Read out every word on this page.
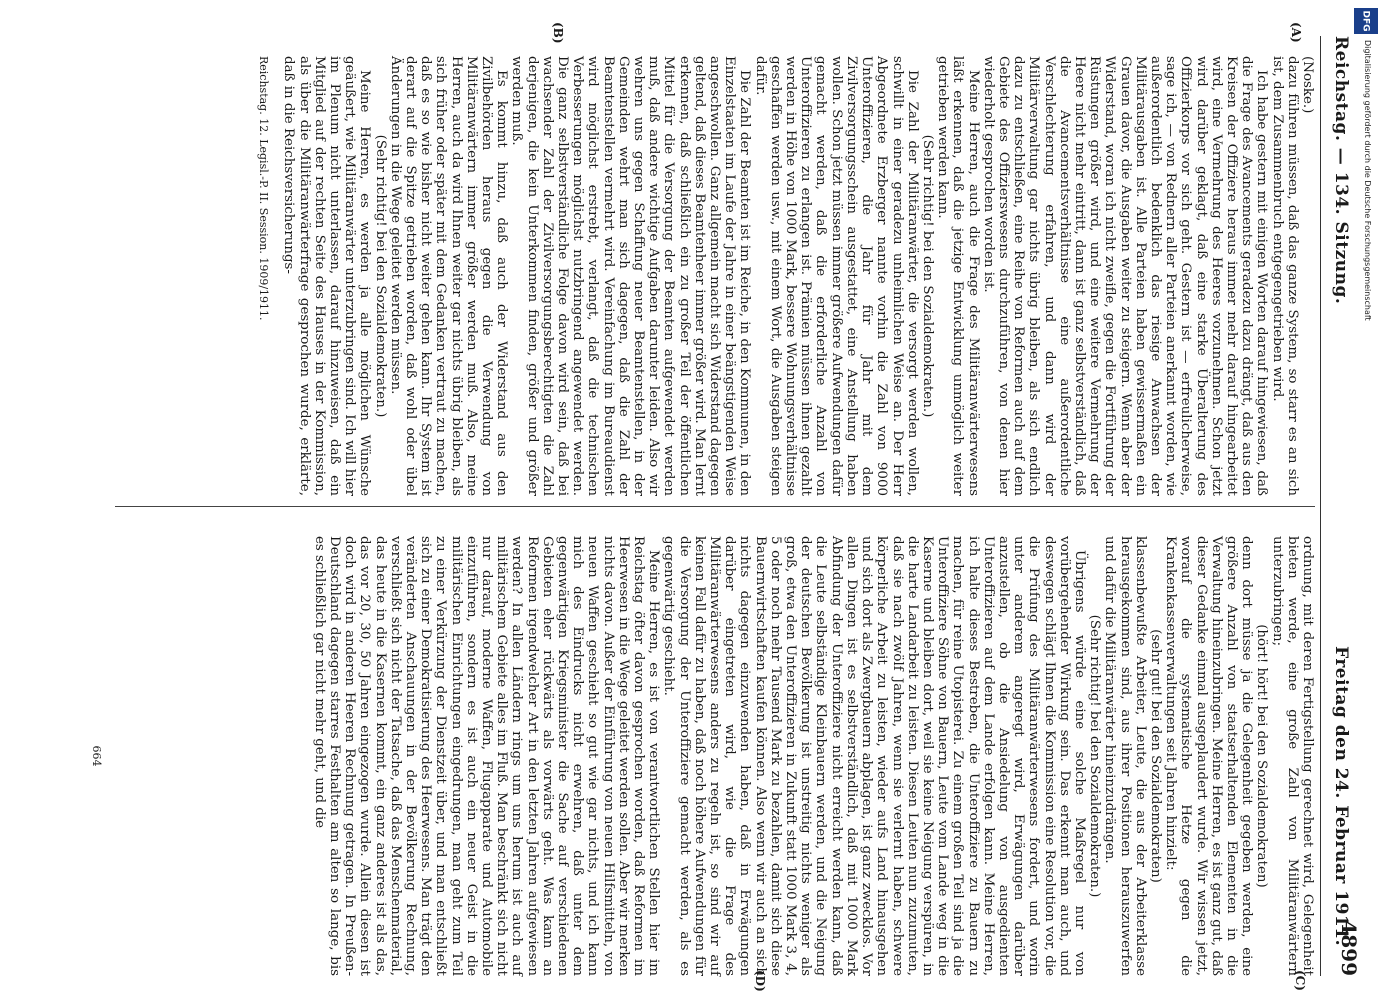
Reichstag. — 134. Sitzung.
Freitag den 24. Februar 1911.
4899
(A)
(B)
(C)
(D)

(Noske.)

dazu führen müssen, daß das ganze System, so starr es an sich ist, dem Zusammenbruch entgegengetrieben wird.

Ich habe gestern mit einigen Worten darauf hingewiesen, daß die Frage des Avancements geradezu dazu drängt, daß aus den Kreisen der Offiziere heraus immer mehr darauf hingearbeitet wird, eine Vermehrung des Heeres vorzunehmen. Schon jetzt wird darüber geklagt, daß eine starke Überalterung des Offizierkorps vor sich geht. Gestern ist — erfreulicherweise, sage ich, — von Rednern aller Parteien anerkannt worden, wie außerordentlich bedenklich das riesige Anwachsen der Militärausgaben ist. Alle Parteien haben gewissermaßen ein Grauen davor, die Ausgaben weiter zu steigern. Wenn aber der Widerstand, woran ich nicht zweifle, gegen die Fortführung der Rüstungen größer wird, und eine weitere Vermehrung der Heere nicht mehr eintritt, dann ist ganz selbstverständlich, daß die Avancementsverhältnisse eine außerordentliche Verschlechterung erfahren, und dann wird der Militärverwaltung gar nichts übrig bleiben, als sich endlich dazu zu entschließen, eine Reihe von Reformen auch auf dem Gebiete des Offizierswesens durchzuführen, von denen hier wiederholt gesprochen worden ist.

Meine Herren, auch die Frage des Militäranwärterwesens läßt erkennen, daß die jetzige Entwicklung unmöglich weiter getrieben werden kann.

(Sehr richtig! bei den Sozialdemokraten.)

Die Zahl der Militäranwärter, die versorgt werden wollen, schwillt in einer geradezu unheimlichen Weise an. Der Herr Abgeordnete Erzberger nannte vorhin die Zahl von 9000 Unteroffizieren, die Jahr für Jahr mit dem Zivilversorgungsschein ausgestattet, eine Anstellung haben wollen. Schon jetzt müssen immer größere Aufwendungen dafür gemacht werden, daß die erforderliche Anzahl von Unteroffizieren zu erlangen ist. Prämien müssen ihnen gezahlt werden in Höhe von 1000 Mark, bessere Wohnungsverhältnisse geschaffen werden usw., mit einem Wort, die Ausgaben steigen dafür.

Die Zahl der Beamten ist im Reiche, in den Kommunen, in den Einzelstaaten im Laufe der Jahre in einer beängstigenden Weise angeschwollen. Ganz allgemein macht sich Widerstand dagegen geltend, daß dieses Beamtenheer immer größer wird. Man lernt erkennen, daß schließlich ein zu großer Teil der öffentlichen Mittel für die Versorgung der Beamten aufgewendet werden muß, daß andere wichtige Aufgaben darunter leiden. Also wir wehren uns gegen Schaffung neuer Beamtenstellen, in der Gemeinden wehrt man sich dagegen, daß die Zahl der Beamtenstellen vermehrt wird. Vereinfachung im Bureaudienst wird möglichst erstrebt, verlangt, daß die technischen Verbesserungen möglichst nutzbringend angewendet werden. Die ganz selbstverständliche Folge davon wird sein, daß bei wachsender Zahl der Zivilversorgungsberechtigten die Zahl derjenigen, die kein Unterkommen finden, größer und größer werden muß.

Es kommt hinzu, daß auch der Widerstand aus den Zivilbehörden heraus gegen die Verwendung von Militäranwärtern immer größer werden muß. Also, meine Herren, auch da wird Ihnen weiter gar nichts übrig bleiben, als sich früher oder später mit dem Gedanken vertraut zu machen, daß es so wie bisher nicht weiter gehen kann. Ihr System ist derart auf die Spitze getrieben worden, daß wohl oder übel Änderungen in die Wege geleitet werden müssen.

(Sehr richtig! bei den Sozialdemokraten.)

Meine Herren, es werden ja alle möglichen Wünsche geäußert, wie Militäranwärter unterzubringen sind. Ich will hier im Plenum nicht unterlassen, darauf hinzuweisen, daß ein Mitglied auf der rechten Seite des Hauses in der Kommission, als über die Militäranwärterfrage gesprochen wurde, erklärte, daß in die Reichsversicherungs-

Reichstag. 12. Legisl.-P. II. Session. 1909/1911.

ordnung, mit deren Fertigstellung gerechnet wird, Gelegenheit bieten werde, eine große Zahl von Militäranwärtern unterzubringen;

(hört! hört! bei den Sozialdemokraten)

denn dort müsse ja die Gelegenheit gegeben werden, eine größere Anzahl von staatserhaltenden Elementen in die Verwaltung hineinzubringen. Meine Herren, es ist ganz gut, daß dieser Gedanke einmal ausgeplaudert wurde. Wir wissen jetzt, worauf die systematische Hetze gegen die Krankenkassenverwaltungen seit Jahren hinzielt:

(sehr gut! bei den Sozialdemokraten)

klassenbewußte Arbeiter, Leute, die aus der Arbeiterklasse herausgekommen sind, aus ihrer Positionen herauszuwerfen und dafür die Militäranwärter hineinzudrängen.

(Sehr richtig! bei den Sozialdemokraten.)

Übrigens würde eine solche Maßregel nur von vorübergehender Wirkung sein. Das erkennt man auch, und deswegen schlägt Ihnen die Kommission eine Resolution vor, die die Prüfung des Militäranwärterwesens fordert, und worin unter anderem angeregt wird, Erwägungen darüber anzustellen, ob die Ansiedelung von ausgedienten Unteroffizieren auf dem Lande erfolgen kann. Meine Herren, ich halte dieses Bestreben, die Unteroffiziere zu Bauern zu machen, für reine Utopisterei. Zu einem großen Teil sind ja die Unteroffiziere Söhne von Bauern, Leute vom Lande weg in die Kaserne und bleiben dort, weil sie keine Neigung verspüren, in die harte Landarbeit zu leisten. Diesen Leuten nun zuzumuten, daß sie nach zwölf Jahren, wenn sie verlernt haben, schwere körperliche Arbeit zu leisten, wieder aufs Land hinausgehen und sich dort als Zwergbauern abplagen, ist ganz zwecklos. Vor allen Dingen ist es selbstverständlich, daß mit 1000 Mark Abfindung der Unteroffiziere nicht erreicht werden kann, daß die Leute selbständige Kleinbauern werden, und die Neigung der deutschen Bevölkerung ist unstreitig nichts weniger als groß, etwa den Unteroffizieren in Zukunft statt 1000 Mark 3, 4, 5 oder noch mehr Tausend Mark zu bezahlen, damit sich diese Bauernwirtschaften kaufen können. Also wenn wir auch an sich nichts dagegen einzuwenden haben, daß in Erwägungen darüber eingetreten wird, wie die Frage des Militäranwärterwesens anders zu regeln ist, so sind wir auf keinen Fall dafür zu haben, daß noch höhere Aufwendungen für die Versorgung der Unteroffiziere gemacht werden, als es gegenwärtig geschieht.

Meine Herren, es ist von verantwortlichen Stellen hier im Reichstag öfter davon gesprochen worden, daß Reformen im Heerwesen in die Wege geleitet werden sollen. Aber wir merken nichts davon. Außer der Einführung von neuen Hilfsmitteln, von neuen Waffen geschieht so gut wie gar nichts, und ich kann mich des Eindrucks nicht erwehren, daß unter dem gegenwärtigen Kriegsminister die Sache auf verschiedenen Gebieten eher rückwärts als vorwärts geht. Was kann an Reformen irgendwelcher Art in den letzten Jahren aufgewiesen werden? In allen Ländern rings um uns herum ist auch auf militärischem Gebiete alles im Fluß. Man beschränkt sich nicht nur darauf, moderne Waffen, Flugapparate und Automobile einzuführen, sondern es ist auch ein neuer Geist in die militärischen Einrichtungen eingedrungen, man geht zum Teil zu einer Verkürzung der Dienstzeit über, und man entschließt sich zu einer Demokratisierung des Heerwesens. Man trägt den veränderten Anschauungen in der Bevölkerung Rechnung, verschließt sich nicht der Tatsache, daß das Menschenmaterial, das heute in die Kasernen kommt, ein ganz anderes ist als das, das vor 20, 30, 50 Jahren eingezogen wurde. Allein diesen ist doch wird in anderen Heeren Rechnung getragen. In Preußen-Deutschland dagegen starres Festhalten am alten so lange, bis es schließlich gar nicht mehr geht, und die

664
DFG
Digitalisierung gefördert durch die Deutsche Forschungsgemeinschaft
